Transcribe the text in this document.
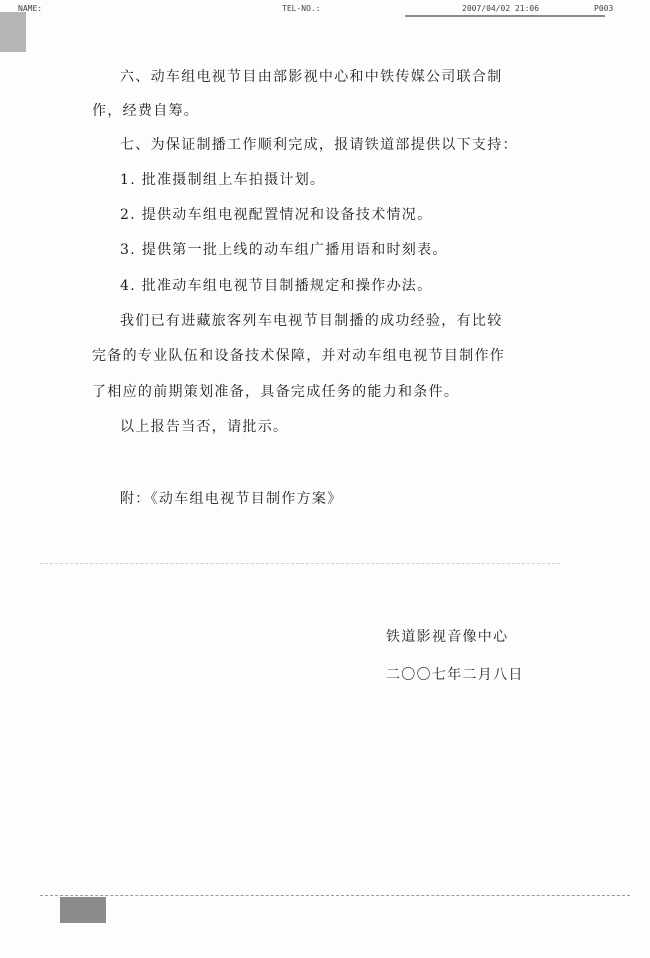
NAME:	TEL-NO.:	2007/04/02 21:06	P003

六、动车组电视节目由部影视中心和中铁传媒公司联合制

作，经费自筹。

七、为保证制播工作顺利完成，报请铁道部提供以下支持：

1. 批准摄制组上车拍摄计划。

2. 提供动车组电视配置情况和设备技术情况。

3. 提供第一批上线的动车组广播用语和时刻表。

4. 批准动车组电视节目制播规定和操作办法。

我们已有进藏旅客列车电视节目制播的成功经验，有比较

完备的专业队伍和设备技术保障，并对动车组电视节目制作作

了相应的前期策划准备，具备完成任务的能力和条件。

以上报告当否，请批示。

附：《动车组电视节目制作方案》

铁道影视音像中心

二〇〇七年二月八日
